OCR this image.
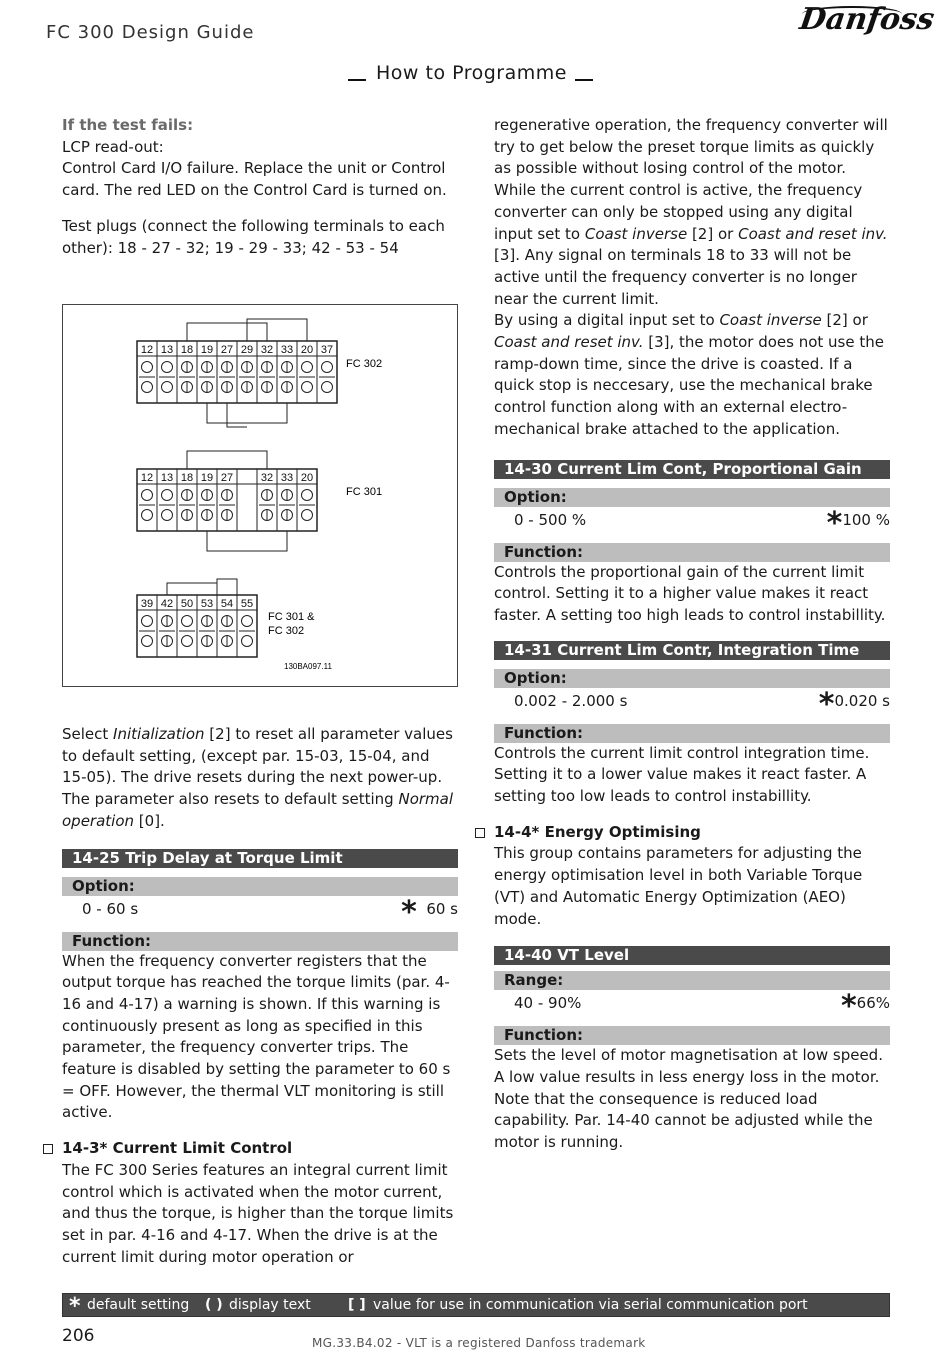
FC 300 Design Guide	Danfoss
How to Programme
If the test fails:
LCP read-out:
Control Card I/O failure. Replace the unit or Control card. The red LED on the Control Card is turned on.
Test plugs (connect the following terminals to each other): 18 - 27 - 32; 19 - 29 - 33; 42 - 53 - 54
12 13 18 19 27 29 32 33 20 37
FC 302
12 13 18 19 27	32 33 20
FC 301
39 42 50 53 54 55
FC 301 &
FC 302
130BA097.11
Select Initialization [2] to reset all parameter values to default setting, (except par. 15-03, 15-04, and 15-05). The drive resets during the next power-up. The parameter also resets to default setting Normal operation [0].
14-25 Trip Delay at Torque Limit
Option:
0 - 60 s	* 60 s
Function:
When the frequency converter registers that the output torque has reached the torque limits (par. 4-16 and 4-17) a warning is shown. If this warning is continuously present as long as specified in this parameter, the frequency converter trips. The feature is disabled by setting the parameter to 60 s = OFF. However, the thermal VLT monitoring is still active.
14-3* Current Limit Control
The FC 300 Series features an integral current limit control which is activated when the motor current, and thus the torque, is higher than the torque limits set in par. 4-16 and 4-17. When the drive is at the current limit during motor operation or
regenerative operation, the frequency converter will try to get below the preset torque limits as quickly as possible without losing control of the motor. While the current control is active, the frequency converter can only be stopped using any digital input set to Coast inverse [2] or Coast and reset inv. [3]. Any signal on terminals 18 to 33 will not be active until the frequency converter is no longer near the current limit.
By using a digital input set to Coast inverse [2] or Coast and reset inv. [3], the motor does not use the ramp-down time, since the drive is coasted. If a quick stop is neccesary, use the mechanical brake control function along with an external electro-mechanical brake attached to the application.
14-30 Current Lim Cont, Proportional Gain
Option:
0 - 500 %	*100 %
Function:
Controls the proportional gain of the current limit control. Setting it to a higher value makes it react faster. A setting too high leads to control instabillity.
14-31 Current Lim Contr, Integration Time
Option:
0.002 - 2.000 s	*0.020 s
Function:
Controls the current limit control integration time. Setting it to a lower value makes it react faster. A setting too low leads to control instabillity.
14-4* Energy Optimising
This group contains parameters for adjusting the energy optimisation level in both Variable Torque (VT) and Automatic Energy Optimization (AEO) mode.
14-40 VT Level
Range:
40 - 90%	*66%
Function:
Sets the level of motor magnetisation at low speed. A low value results in less energy loss in the motor. Note that the consequence is reduced load capability. Par. 14-40 cannot be adjusted while the motor is running.
* default setting ( ) display text	[ ] value for use in communication via serial communication port
206	MG.33.B4.02 - VLT is a registered Danfoss trademark
